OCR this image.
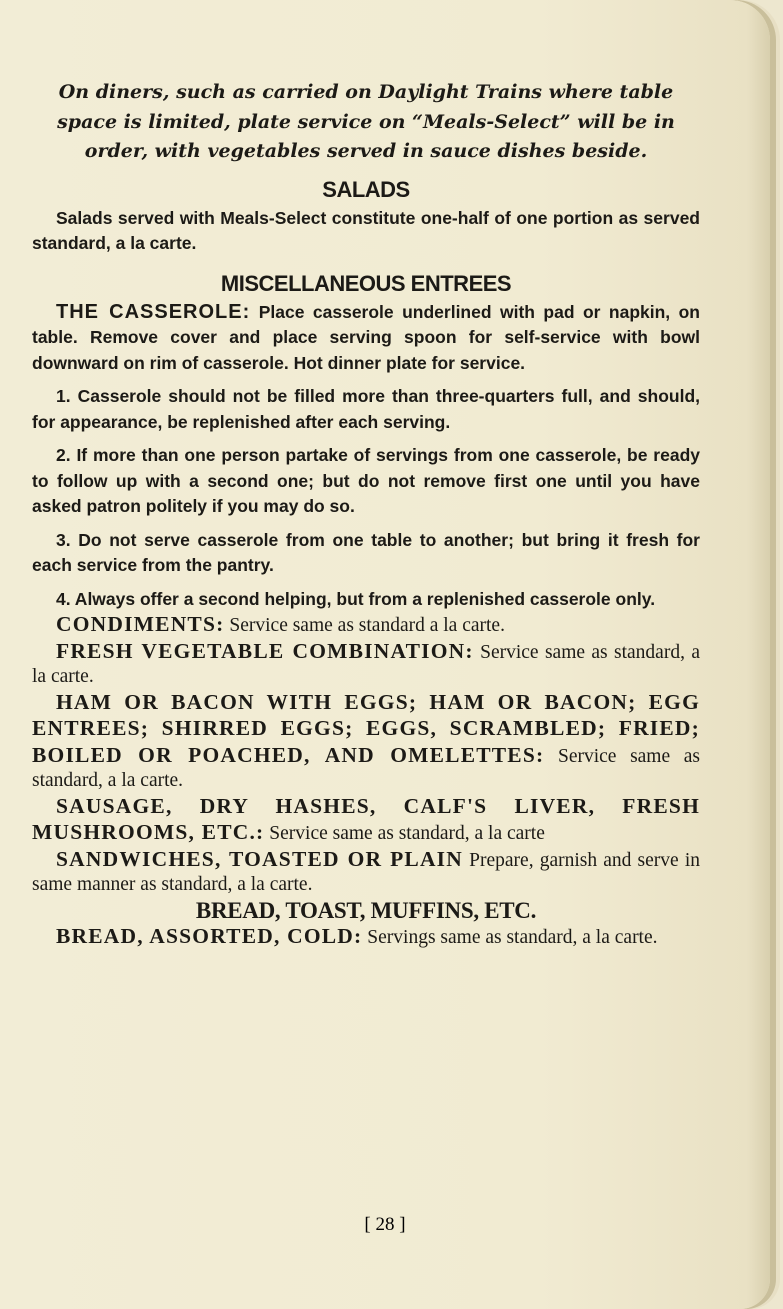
On diners, such as carried on Daylight Trains where table space is limited, plate service on “Meals-Select” will be in order, with vegetables served in sauce dishes beside.

SALADS

Salads served with Meals-Select constitute one-half of one portion as served standard, a la carte.

MISCELLANEOUS ENTREES

THE CASSEROLE: Place casserole underlined with pad or napkin, on table. Remove cover and place serving spoon for self-service with bowl downward on rim of casserole. Hot dinner plate for service.

1. Casserole should not be filled more than three-quarters full, and should, for appearance, be replenished after each serving.

2. If more than one person partake of servings from one casserole, be ready to follow up with a second one; but do not remove first one until you have asked patron politely if you may do so.

3. Do not serve casserole from one table to another; but bring it fresh for each service from the pantry.

4. Always offer a second helping, but from a replenished casserole only.

CONDIMENTS: Service same as standard a la carte.

FRESH VEGETABLE COMBINATION: Service same as standard, a la carte.

HAM OR BACON WITH EGGS; HAM OR BACON; EGG ENTREES; SHIRRED EGGS; EGGS, SCRAMBLED; FRIED; BOILED OR POACHED, AND OMELETTES: Service same as standard, a la carte.

SAUSAGE, DRY HASHES, CALF'S LIVER, FRESH MUSHROOMS, ETC.: Service same as standard, a la carte

SANDWICHES, TOASTED OR PLAIN Prepare, garnish and serve in same manner as standard, a la carte.

BREAD, TOAST, MUFFINS, ETC.

BREAD, ASSORTED, COLD: Servings same as standard, a la carte.

[ 28 ]
